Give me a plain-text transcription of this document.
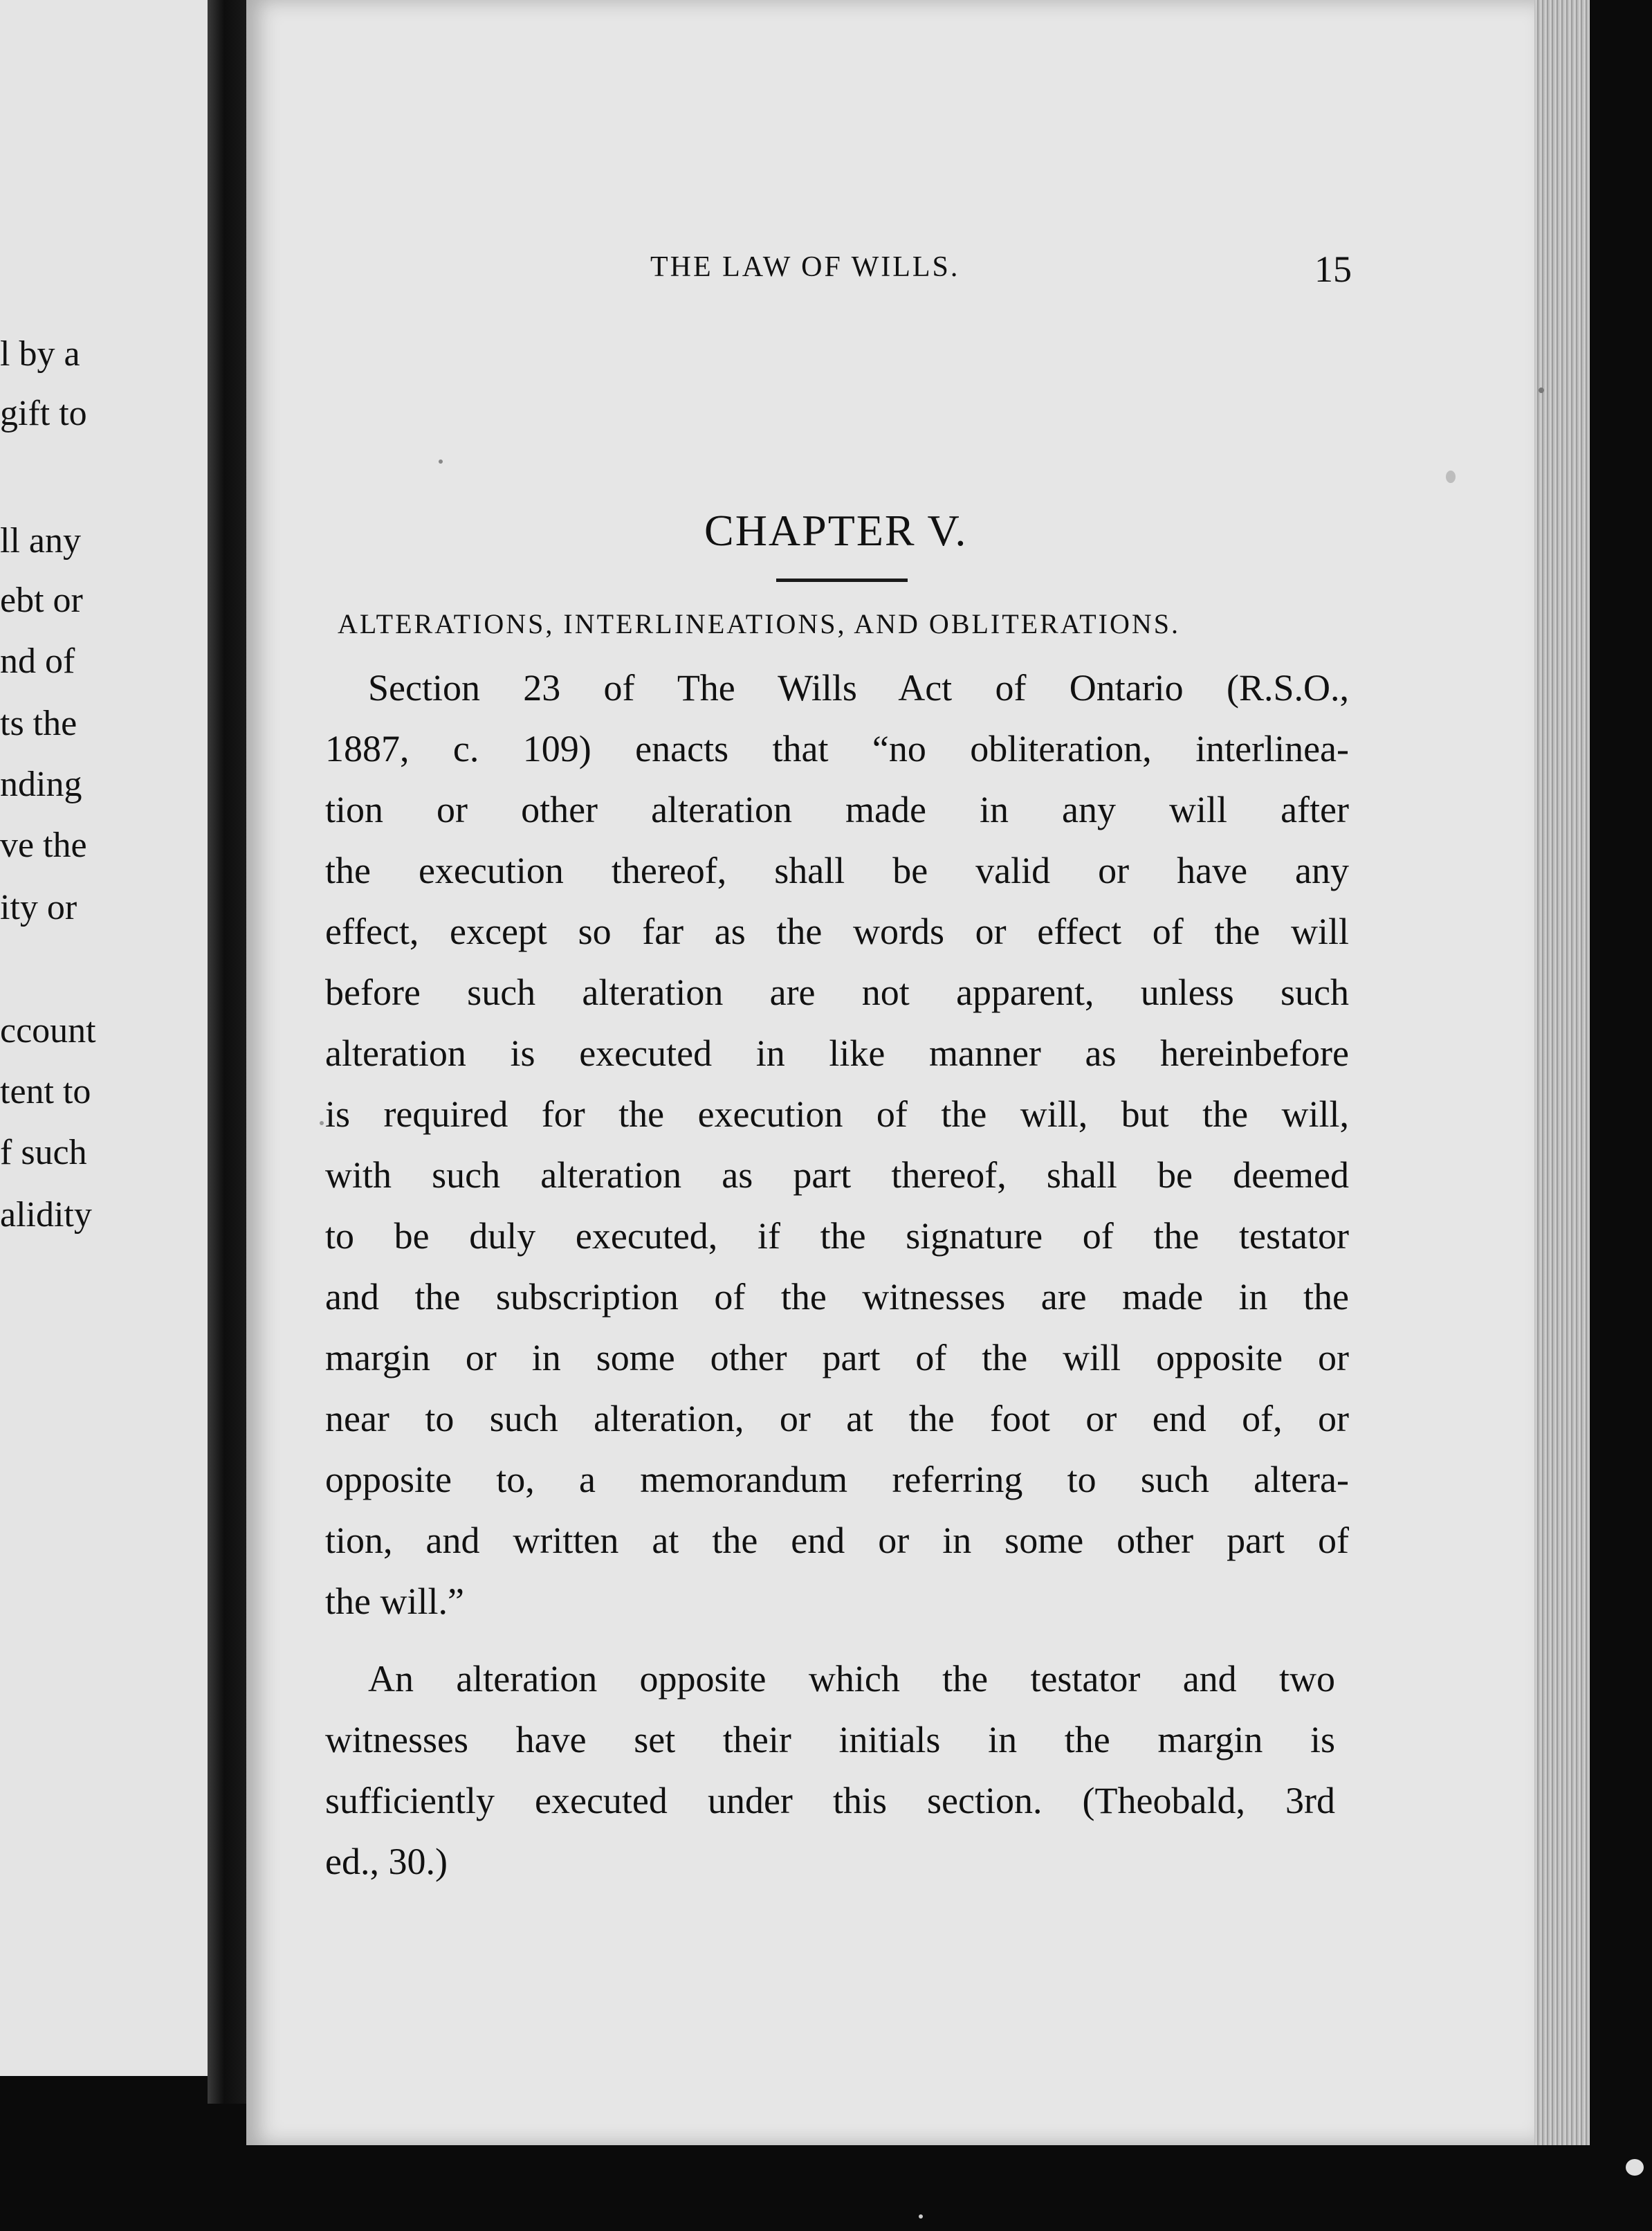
l by a
gift to
ll any
ebt or
nd of
ts the
nding
ve the
ity or
ccount
tent to
f such
alidity
THE LAW OF WILLS.	15
CHAPTER V.
ALTERATIONS, INTERLINEATIONS, AND OBLITERATIONS.
Section 23 of The Wills Act of Ontario (R.S.O.,
1887, c. 109) enacts that “no obliteration, interlinea-
tion or other alteration made in any will after
the execution thereof, shall be valid or have any
effect, except so far as the words or effect of the will
before such alteration are not apparent, unless such
alteration is executed in like manner as hereinbefore
is required for the execution of the will, but the will,
with such alteration as part thereof, shall be deemed
to be duly executed, if the signature of the testator
and the subscription of the witnesses are made in the
margin or in some other part of the will opposite or
near to such alteration, or at the foot or end of, or
opposite to, a memorandum referring to such altera-
tion, and written at the end or in some other part of
the will.”
An alteration opposite which the testator and two
witnesses have set their initials in the margin is
sufficiently executed under this section. (Theobald, 3rd
ed., 30.)
